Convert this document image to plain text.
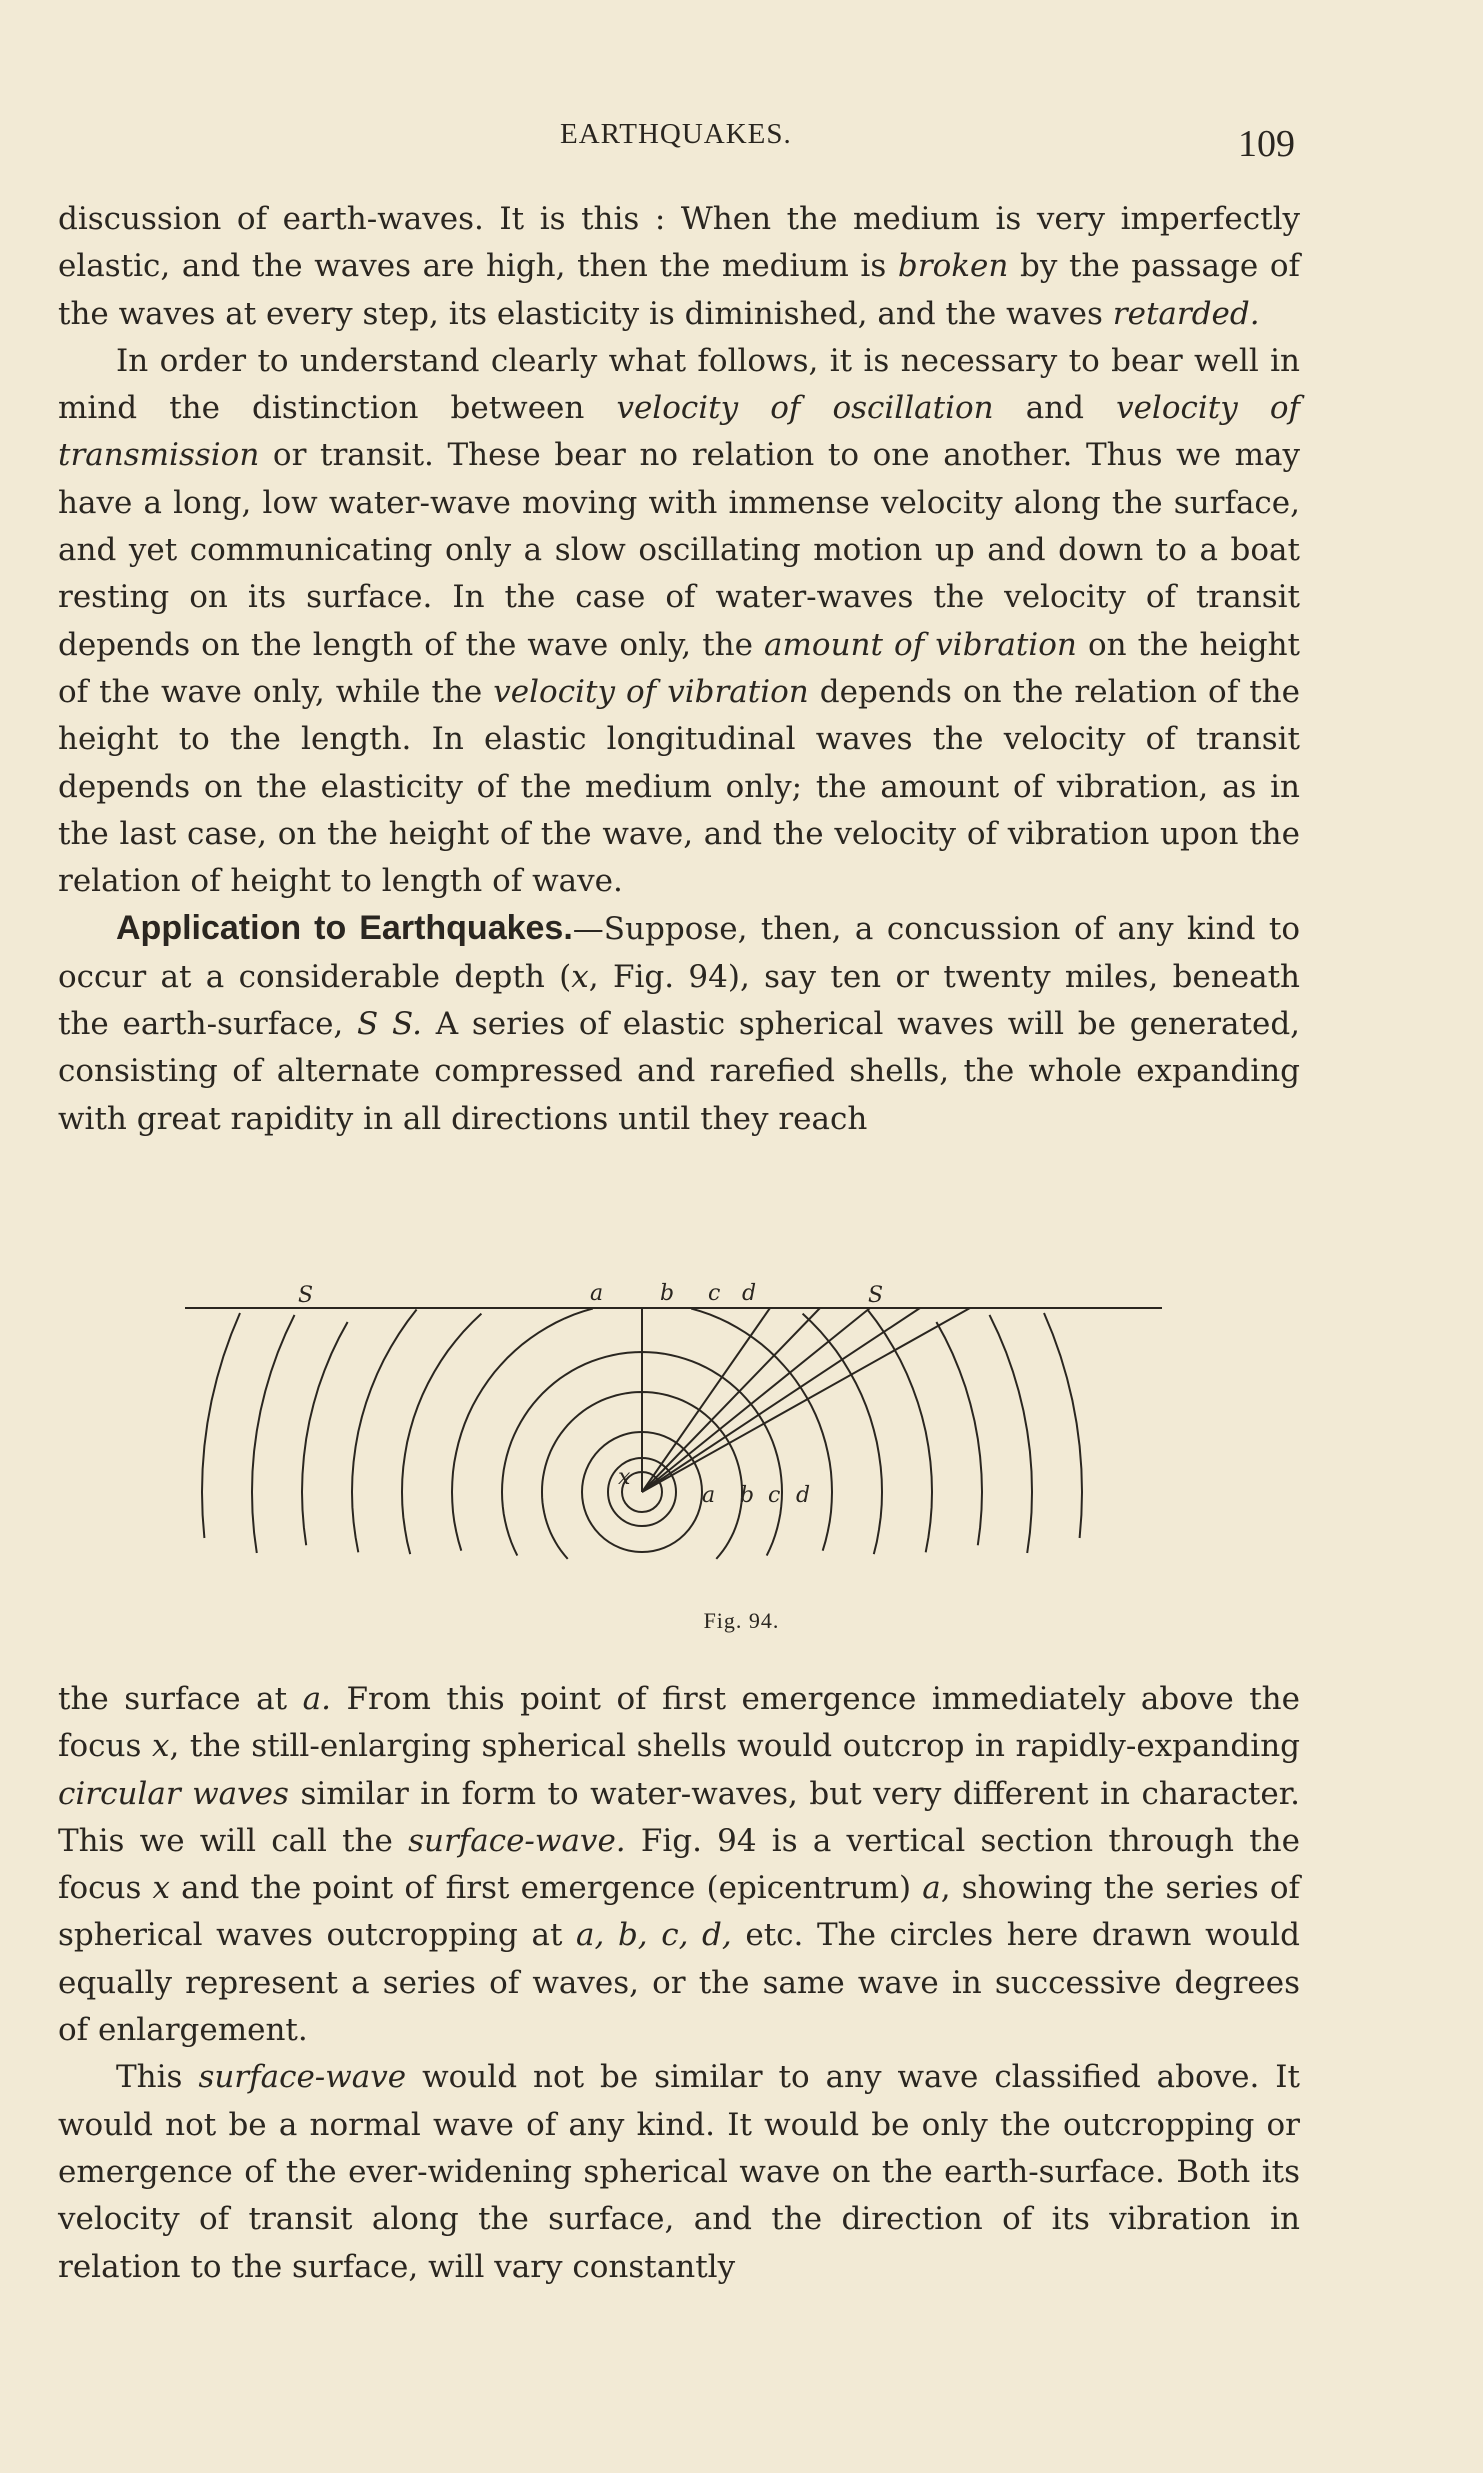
EARTHQUAKES.	109

discussion of earth-waves. It is this : When the medium is very imperfectly elastic, and the waves are high, then the medium is broken by the passage of the waves at every step, its elasticity is diminished, and the waves retarded.

In order to understand clearly what follows, it is necessary to bear well in mind the distinction between velocity of oscillation and velocity of transmission or transit. These bear no relation to one another. Thus we may have a long, low water-wave moving with immense velocity along the surface, and yet communicating only a slow oscillating motion up and down to a boat resting on its surface. In the case of water-waves the velocity of transit depends on the length of the wave only, the amount of vibration on the height of the wave only, while the velocity of vibration depends on the relation of the height to the length. In elastic longitudinal waves the velocity of transit depends on the elasticity of the medium only; the amount of vibration, as in the last case, on the height of the wave, and the velocity of vibration upon the relation of height to length of wave.

Application to Earthquakes.—Suppose, then, a concussion of any kind to occur at a considerable depth (x, Fig. 94), say ten or twenty miles, beneath the earth-surface, S S. A series of elastic spherical waves will be generated, consisting of alternate compressed and rarefied shells, the whole expanding with great rapidity in all directions until they reach

S	S
x
a	b c d
a b c d
Fig. 94.

the surface at a. From this point of first emergence immediately above the focus x, the still-enlarging spherical shells would outcrop in rapidly-expanding circular waves similar in form to water-waves, but very different in character. This we will call the surface-wave. Fig. 94 is a vertical section through the focus x and the point of first emergence (epicentrum) a, showing the series of spherical waves outcropping at a, b, c, d, etc. The circles here drawn would equally represent a series of waves, or the same wave in successive degrees of enlargement.

This surface-wave would not be similar to any wave classified above. It would not be a normal wave of any kind. It would be only the outcropping or emergence of the ever-widening spherical wave on the earth-surface. Both its velocity of transit along the surface, and the direction of its vibration in relation to the surface, will vary constantly
